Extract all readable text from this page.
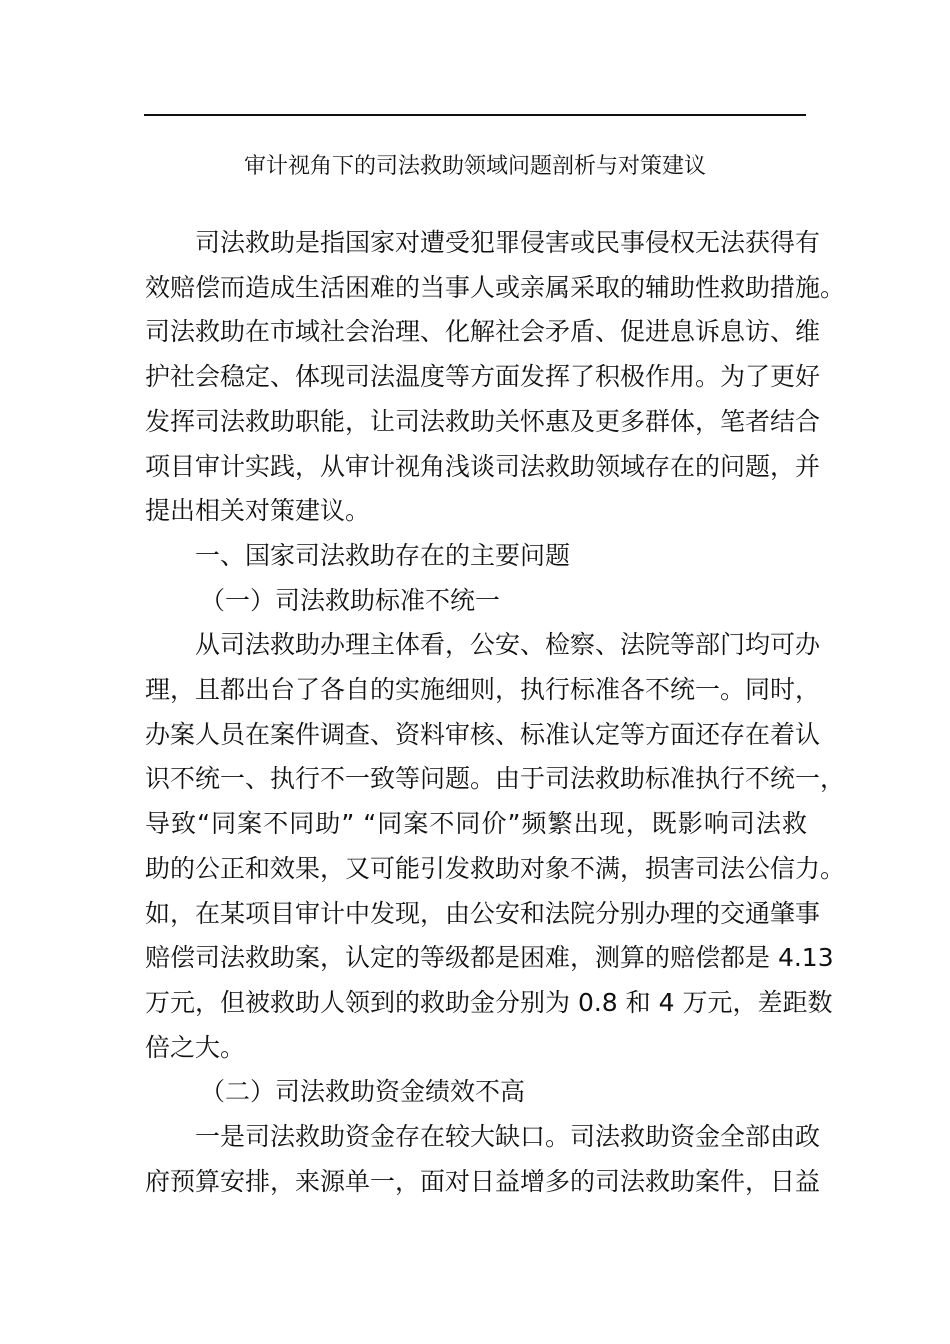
审计视角下的司法救助领域问题剖析与对策建议
司法救助是指国家对遭受犯罪侵害或民事侵权无法获得有
效赔偿而造成生活困难的当事人或亲属采取的辅助性救助措施。
司法救助在市域社会治理、化解社会矛盾、促进息诉息访、维
护社会稳定、体现司法温度等方面发挥了积极作用。为了更好
发挥司法救助职能，让司法救助关怀惠及更多群体，笔者结合
项目审计实践，从审计视角浅谈司法救助领域存在的问题，并
提出相关对策建议。
一、国家司法救助存在的主要问题
（一）司法救助标准不统一
从司法救助办理主体看，公安、检察、法院等部门均可办
理，且都出台了各自的实施细则，执行标准各不统一。同时，
办案人员在案件调查、资料审核、标准认定等方面还存在着认
识不统一、执行不一致等问题。由于司法救助标准执行不统一，
导致“同案不同助” “同案不同价”频繁出现，既影响司法救
助的公正和效果，又可能引发救助对象不满，损害司法公信力。
如，在某项目审计中发现，由公安和法院分别办理的交通肇事
赔偿司法救助案，认定的等级都是困难，测算的赔偿都是 4.13
万元，但被救助人领到的救助金分别为 0.8 和 4 万元，差距数
倍之大。
（二）司法救助资金绩效不高
一是司法救助资金存在较大缺口。司法救助资金全部由政
府预算安排，来源单一，面对日益增多的司法救助案件，日益
